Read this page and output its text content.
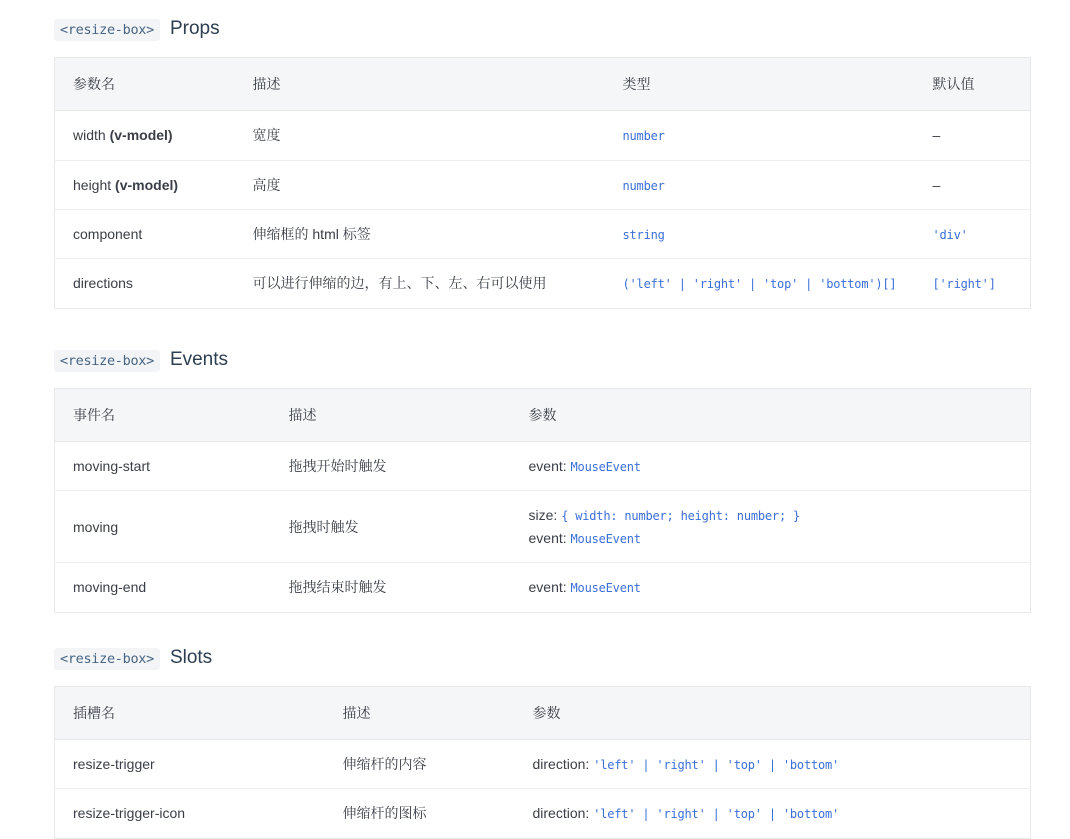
<resize-box> Props
参数名	描述	类型	默认值
width (v-model)	宽度	number	–
height (v-model)	高度	number	–
component	伸缩框的 html 标签	string	'div'
directions	可以进行伸缩的边，有上、下、左、右可以使用	('left' | 'right' | 'top' | 'bottom')[]	['right']
<resize-box> Events
事件名	描述	参数
moving-start	拖拽开始时触发	event: MouseEvent

moving	拖拽时触发	size: { width: number; height: number; }
event: MouseEvent

moving-end	拖拽结束时触发	event: MouseEvent
<resize-box> Slots
插槽名	描述	参数
resize-trigger	伸缩杆的内容	direction: 'left' | 'right' | 'top' | 'bottom'

resize-trigger-icon	伸缩杆的图标	direction: 'left' | 'right' | 'top' | 'bottom'
